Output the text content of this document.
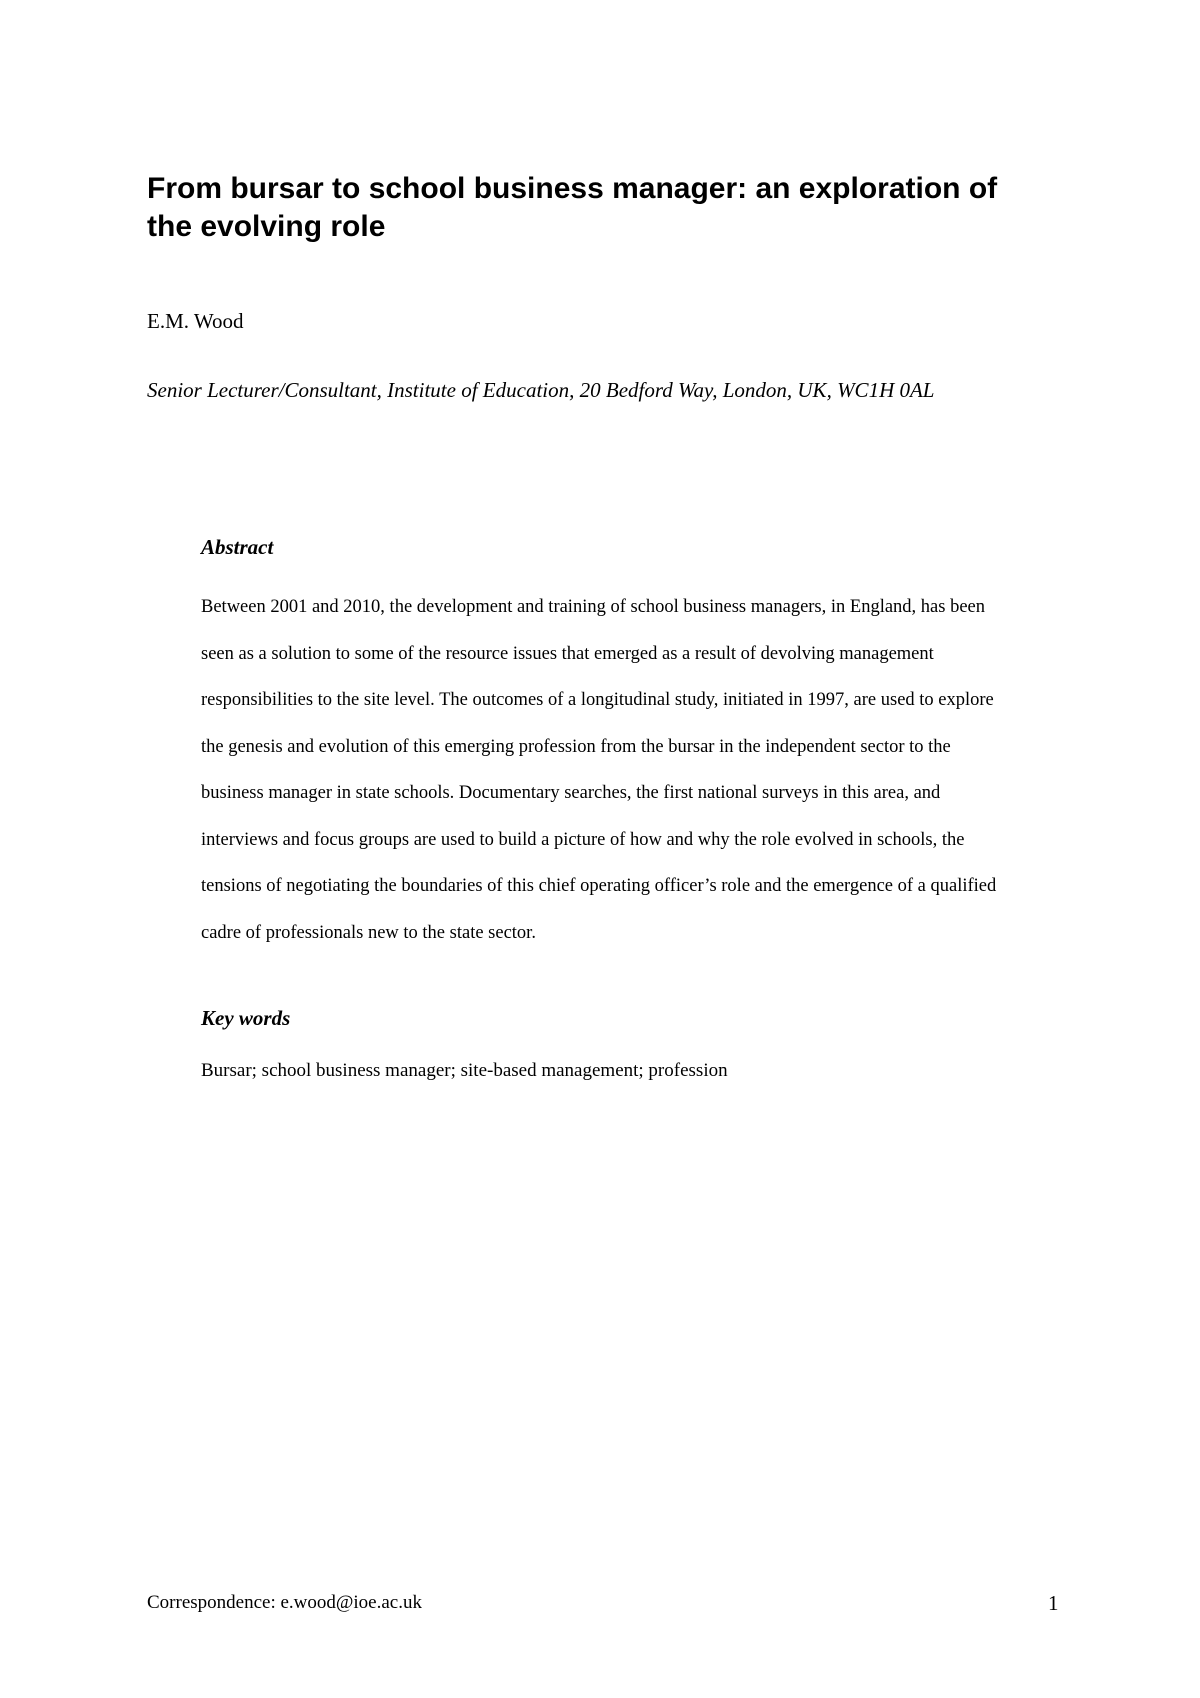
From bursar to school business manager: an exploration of the evolving role

E.M. Wood

Senior Lecturer/Consultant, Institute of Education, 20 Bedford Way, London, UK, WC1H 0AL

Abstract

Between 2001 and 2010, the development and training of school business managers, in England, has been seen as a solution to some of the resource issues that emerged as a result of devolving management responsibilities to the site level. The outcomes of a longitudinal study, initiated in 1997, are used to explore the genesis and evolution of this emerging profession from the bursar in the independent sector to the business manager in state schools. Documentary searches, the first national surveys in this area, and interviews and focus groups are used to build a picture of how and why the role evolved in schools, the tensions of negotiating the boundaries of this chief operating officer’s role and the emergence of a qualified cadre of professionals new to the state sector.

Key words

Bursar; school business manager; site-based management; profession

Correspondence: e.wood@ioe.ac.uk	1
